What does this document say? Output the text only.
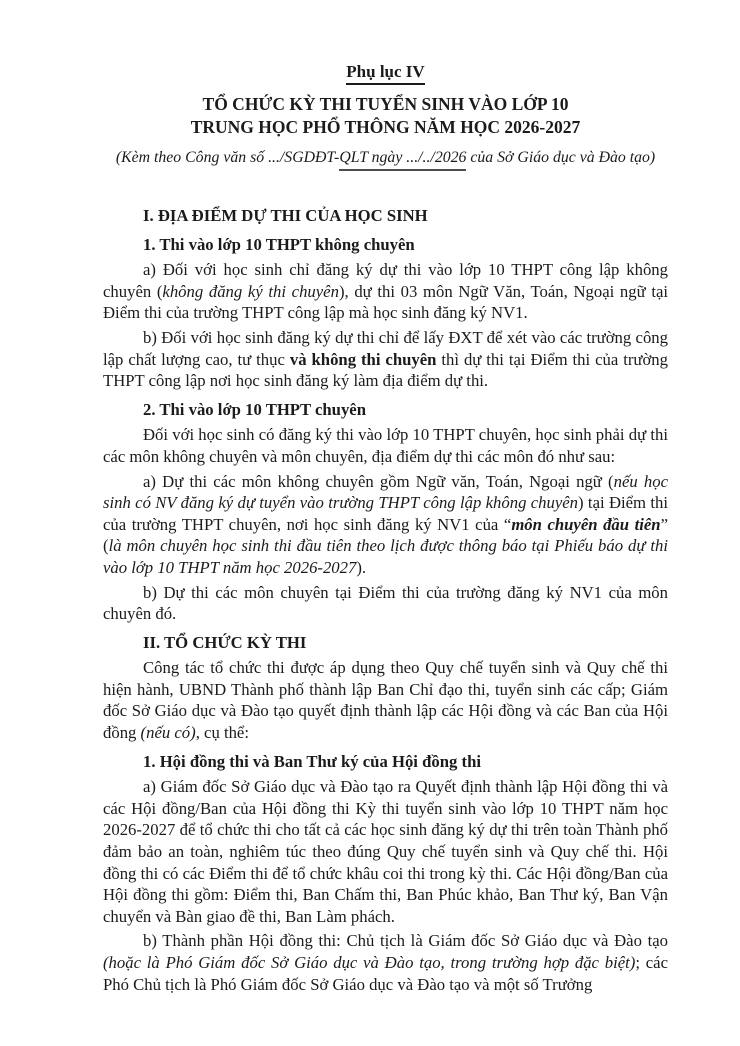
Phụ lục IV
TỔ CHỨC KỲ THI TUYỂN SINH VÀO LỚP 10
TRUNG HỌC PHỔ THÔNG NĂM HỌC 2026-2027
(Kèm theo Công văn số .../SGDĐT-QLT ngày .../../2026 của Sở Giáo dục và Đào tạo)
I. ĐỊA ĐIỂM DỰ THI CỦA HỌC SINH
1. Thi vào lớp 10 THPT không chuyên
a) Đối với học sinh chỉ đăng ký dự thi vào lớp 10 THPT công lập không chuyên (không đăng ký thi chuyên), dự thi 03 môn Ngữ Văn, Toán, Ngoại ngữ tại Điểm thi của trường THPT công lập mà học sinh đăng ký NV1.
b) Đối với học sinh đăng ký dự thi chỉ để lấy ĐXT để xét vào các trường công lập chất lượng cao, tư thục và không thi chuyên thì dự thi tại Điểm thi của trường THPT công lập nơi học sinh đăng ký làm địa điểm dự thi.
2. Thi vào lớp 10 THPT chuyên
Đối với học sinh có đăng ký thi vào lớp 10 THPT chuyên, học sinh phải dự thi các môn không chuyên và môn chuyên, địa điểm dự thi các môn đó như sau:
a) Dự thi các môn không chuyên gồm Ngữ văn, Toán, Ngoại ngữ (nếu học sinh có NV đăng ký dự tuyển vào trường THPT công lập không chuyên) tại Điểm thi của trường THPT chuyên, nơi học sinh đăng ký NV1 của “môn chuyên đầu tiên” (là môn chuyên học sinh thi đầu tiên theo lịch được thông báo tại Phiếu báo dự thi vào lớp 10 THPT năm học 2026-2027).
b) Dự thi các môn chuyên tại Điểm thi của trường đăng ký NV1 của môn chuyên đó.
II. TỔ CHỨC KỲ THI
Công tác tổ chức thi được áp dụng theo Quy chế tuyển sinh và Quy chế thi hiện hành, UBND Thành phố thành lập Ban Chỉ đạo thi, tuyển sinh các cấp; Giám đốc Sở Giáo dục và Đào tạo quyết định thành lập các Hội đồng và các Ban của Hội đồng (nếu có), cụ thể:
1. Hội đồng thi và Ban Thư ký của Hội đồng thi
a) Giám đốc Sở Giáo dục và Đào tạo ra Quyết định thành lập Hội đồng thi và các Hội đồng/Ban của Hội đồng thi Kỳ thi tuyển sinh vào lớp 10 THPT năm học 2026-2027 để tổ chức thi cho tất cả các học sinh đăng ký dự thi trên toàn Thành phố đảm bảo an toàn, nghiêm túc theo đúng Quy chế tuyển sinh và Quy chế thi. Hội đồng thi có các Điểm thi để tổ chức khâu coi thi trong kỳ thi. Các Hội đồng/Ban của Hội đồng thi gồm: Điểm thi, Ban Chấm thi, Ban Phúc khảo, Ban Thư ký, Ban Vận chuyển và Bàn giao đề thi, Ban Làm phách.
b) Thành phần Hội đồng thi: Chủ tịch là Giám đốc Sở Giáo dục và Đào tạo (hoặc là Phó Giám đốc Sở Giáo dục và Đào tạo, trong trường hợp đặc biệt); các Phó Chủ tịch là Phó Giám đốc Sở Giáo dục và Đào tạo và một số Trưởng
